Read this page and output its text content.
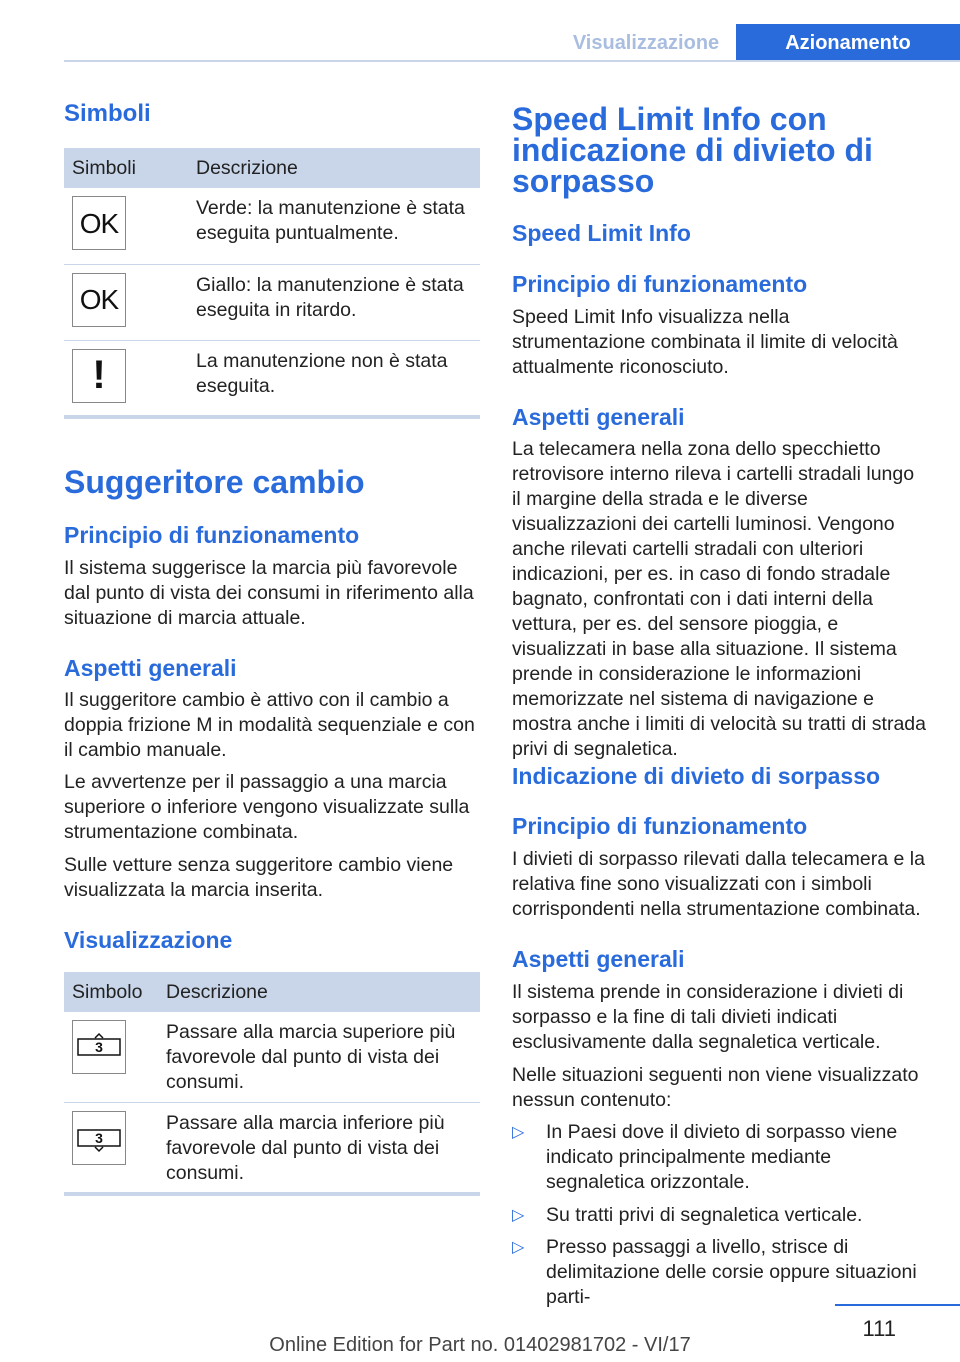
Visualizzazione	Azionamento
Simboli
Simboli	Descrizione

OK	Verde: la manutenzione è stata eseguita puntualmente.

OK	Giallo: la manutenzione è stata eseguita in ritardo.

!	La manutenzione non è stata eseguita.
Suggeritore cambio
Principio di funzionamento

Il sistema suggerisce la marcia più favorevole dal punto di vista dei consumi in riferimento alla situazione di marcia attuale.

Aspetti generali

Il suggeritore cambio è attivo con il cambio a doppia frizione M in modalità sequenziale e con il cambio manuale.

Le avvertenze per il passaggio a una marcia superiore o inferiore vengono visualizzate sulla strumentazione combinata.

Sulle vetture senza suggeritore cambio viene visualizzata la marcia inserita.

Visualizzazione
Simbolo	Descrizione

3	Passare alla marcia superiore più favorevole dal punto di vista dei consumi.

3	Passare alla marcia inferiore più favorevole dal punto di vista dei consumi.
Speed Limit Info con indicazione di divieto di sorpasso
Speed Limit Info
Principio di funzionamento

Speed Limit Info visualizza nella strumentazione combinata il limite di velocità attualmente riconosciuto.

Aspetti generali

La telecamera nella zona dello specchietto retrovisore interno rileva i cartelli stradali lungo il margine della strada e le diverse visualizzazioni dei cartelli luminosi. Vengono anche rilevati cartelli stradali con ulteriori indicazioni, per es. in caso di fondo stradale bagnato, confrontati con i dati interni della vettura, per es. del sensore pioggia, e visualizzati in base alla situazione. Il sistema prende in considerazione le informazioni memorizzate nel sistema di navigazione e mostra anche i limiti di velocità su tratti di strada privi di segnaletica.

Indicazione di divieto di sorpasso
Principio di funzionamento

I divieti di sorpasso rilevati dalla telecamera e la relativa fine sono visualizzati con i simboli corrispondenti nella strumentazione combinata.

Aspetti generali

Il sistema prende in considerazione i divieti di sorpasso e la fine di tali divieti indicati esclusivamente dalla segnaletica verticale.

Nelle situazioni seguenti non viene visualizzato nessun contenuto:

▷ In Paesi dove il divieto di sorpasso viene indicato principalmente mediante segnaletica orizzontale.

▷ Su tratti privi di segnaletica verticale.

▷ Presso passaggi a livello, strisce di delimitazione delle corsie oppure situazioni parti-

111
Online Edition for Part no. 01402981702 - VI/17
